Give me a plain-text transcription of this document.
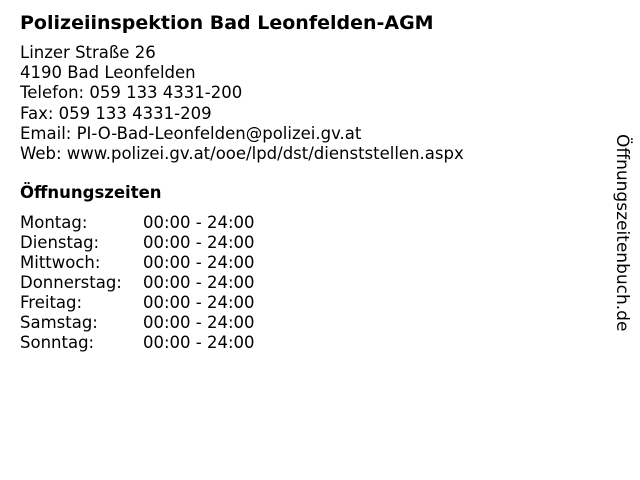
Polizeiinspektion Bad Leonfelden-AGM
Linzer Straße 26
4190 Bad Leonfelden
Telefon: 059 133 4331-200
Fax: 059 133 4331-209
Email: PI-O-Bad-Leonfelden@polizei.gv.at
Web: www.polizei.gv.at/ooe/lpd/dst/dienststellen.aspx
Öffnungszeiten
Montag:	00:00 - 24:00
Dienstag:	00:00 - 24:00
Mittwoch:	00:00 - 24:00
Donnerstag: 00:00 - 24:00
Freitag:	00:00 - 24:00
Samstag:	00:00 - 24:00
Sonntag:	00:00 - 24:00
Öffnungszeitenbuch.de
